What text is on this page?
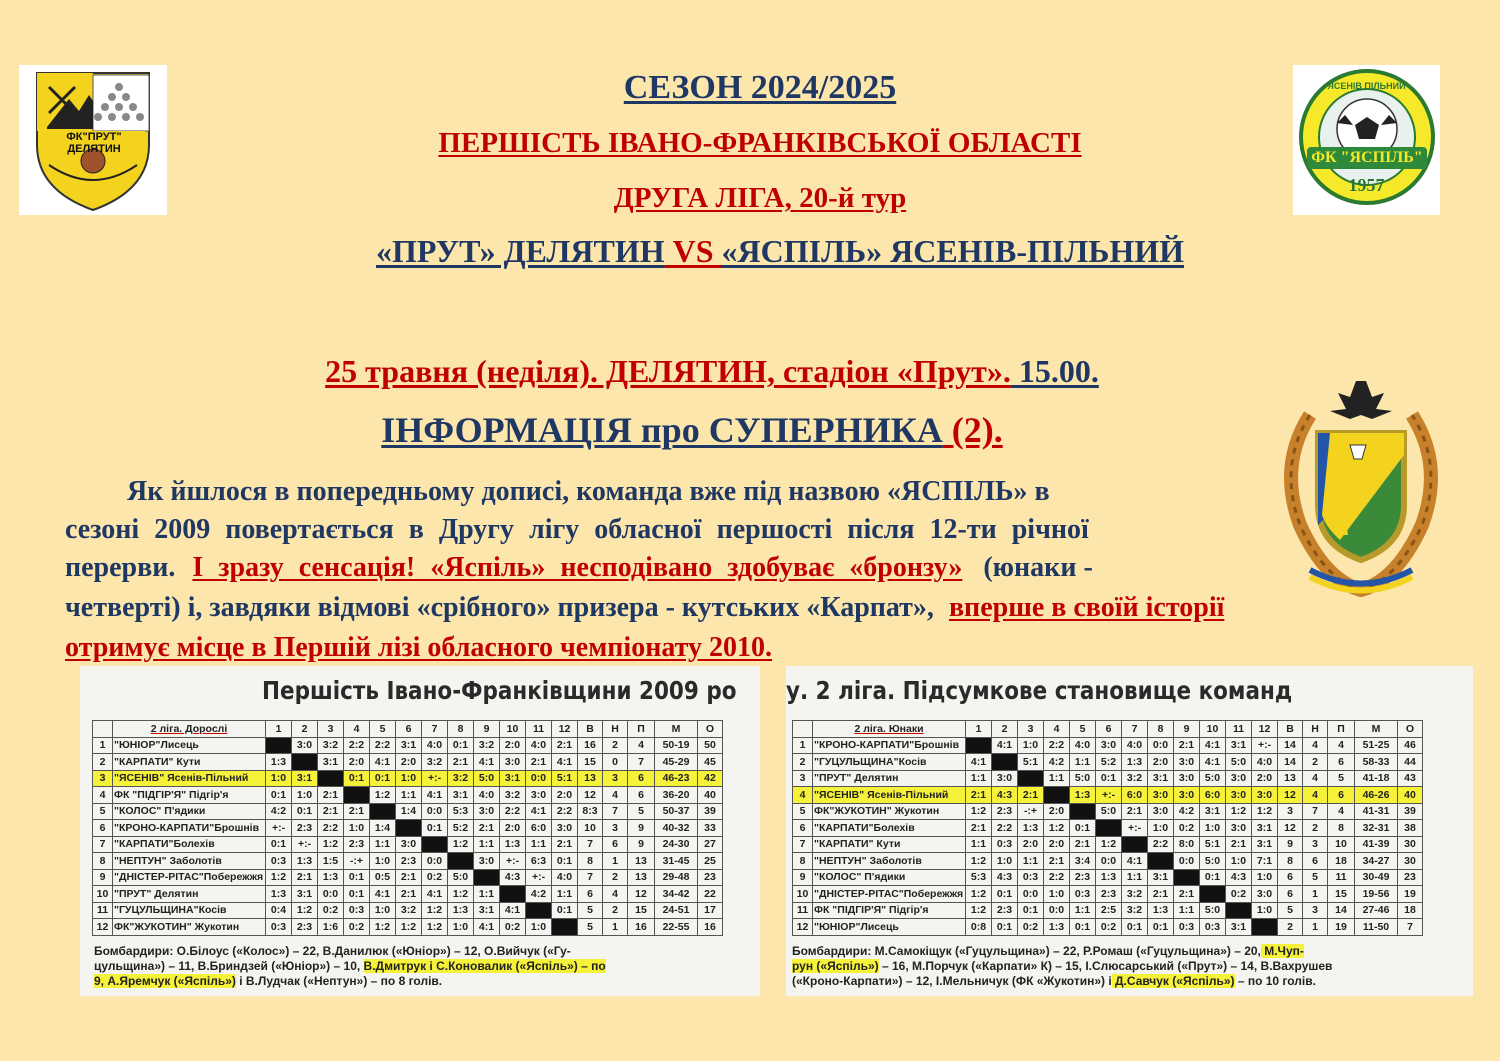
ФК"ПРУТ" ДЕЛЯТИН
ЯСЕНІВ ПІЛЬНИЙ
ФК "ЯСПІЛЬ"
1957
СЕЗОН 2024/2025
ПЕРШІСТЬ ІВАНО-ФРАНКІВСЬКОЇ ОБЛАСТІ
ДРУГА ЛІГА, 20-й тур
«ПРУТ» ДЕЛЯТИН VS «ЯСПІЛЬ» ЯСЕНІВ-ПІЛЬНИЙ
25 травня (неділя). ДЕЛЯТИН, стадіон «Прут». 15.00.
ІНФОРМАЦІЯ про СУПЕРНИКА (2).
Як йшлося в попередньому дописі, команда вже під назвою «ЯСПІЛЬ» в
сезоні 2009 повертається в Другу лігу обласної першості після 12-ти річної
перерви. І зразу сенсація! «Яспіль» несподівано здобуває «бронзу» (юнаки -
четверті) і, завдяки відмові «срібного» призера - кутських «Карпат», вперше в своїй історії
отримує місце в Першій лізі обласного чемпіонату 2010.
Першість Івано-Франківщини 2009 ро
	2 ліга. Дорослі	1	2	3	4	5	6	7	8	9	10	11	12	В	Н	П	М	О
1	"ЮНІОР"Лисець		3:0	3:2	2:2	2:2	3:1	4:0	0:1	3:2	2:0	4:0	2:1	16	2	4	50-19	50
2	"КАРПАТИ" Кути	1:3		3:1	2:0	4:1	2:0	3:2	2:1	4:1	3:0	2:1	4:1	15	0	7	45-29	45
3	"ЯСЕНІВ" Ясенів-Пільний	1:0	3:1		0:1	0:1	1:0	+:-	3:2	5:0	3:1	0:0	5:1	13	3	6	46-23	42
4	ФК "ПІДГІР'Я" Підгір'я	0:1	1:0	2:1		1:2	1:1	4:1	3:1	4:0	3:2	3:0	2:0	12	4	6	36-20	40
5	"КОЛОС" П'ядики	4:2	0:1	2:1	2:1		1:4	0:0	5:3	3:0	2:2	4:1	2:2	8:3	7	5	50-37	39
6	"КРОНО-КАРПАТИ"Брошнів	+:-	2:3	2:2	1:0	1:4		0:1	5:2	2:1	2:0	6:0	3:0	10	3	9	40-32	33
7	"КАРПАТИ"Болехів	0:1	+:-	1:2	2:3	1:1	3:0		1:2	1:1	1:3	1:1	2:1	7	6	9	24-30	27
8	"НЕПТУН" Заболотів	0:3	1:3	1:5	-:+	1:0	2:3	0:0		3:0	+:-	6:3	0:1	8	1	13	31-45	25
9	"ДНІСТЕР-РІТАС"Побережжя	1:2	2:1	1:3	0:1	0:5	2:1	0:2	5:0		4:3	+:-	4:0	7	2	13	29-48	23
10	"ПРУТ" Делятин	1:3	3:1	0:0	0:1	4:1	2:1	4:1	1:2	1:1		4:2	1:1	6	4	12	34-42	22
11	"ГУЦУЛЬЩИНА"Косів	0:4	1:2	0:2	0:3	1:0	3:2	1:2	1:3	3:1	4:1		0:1	5	2	15	24-51	17
12	ФК"ЖУКОТИН" Жукотин	0:3	2:3	1:6	0:2	1:2	1:2	1:2	1:0	4:1	0:2	1:0		5	1	16	22-55	16
Бомбардири: О.Білоус («Колос») – 22, В.Данилюк («Юніор») – 12, О.Вийчук («Гу-
цульщина») – 11, В.Бриндзей («Юніор») – 10, В.Дмитрук і С.Коновалик («Яспіль») – по
9, А.Яремчук («Яспіль») і В.Лудчак («Нептун») – по 8 голів.
у. 2 ліга. Підсумкове становище команд
	2 ліга. Юнаки	1	2	3	4	5	6	7	8	9	10	11	12	В	Н	П	М	О
1	"КРОНО-КАРПАТИ"Брошнів		4:1	1:0	2:2	4:0	3:0	4:0	0:0	2:1	4:1	3:1	+:-	14	4	4	51-25	46
2	"ГУЦУЛЬЩИНА"Косів	4:1		5:1	4:2	1:1	5:2	1:3	2:0	3:0	4:1	5:0	4:0	14	2	6	58-33	44
3	"ПРУТ" Делятин	1:1	3:0		1:1	5:0	0:1	3:2	3:1	3:0	5:0	3:0	2:0	13	4	5	41-18	43
4	"ЯСЕНІВ" Ясенів-Пільний	2:1	4:3	2:1		1:3	+:-	6:0	3:0	3:0	6:0	3:0	3:0	12	4	6	46-26	40
5	ФК"ЖУКОТИН" Жукотин	1:2	2:3	-:+	2:0		5:0	2:1	3:0	4:2	3:1	1:2	1:2	3	7	4	41-31	39
6	"КАРПАТИ"Болехів	2:1	2:2	1:3	1:2	0:1		+:-	1:0	0:2	1:0	3:0	3:1	12	2	8	32-31	38
7	"КАРПАТИ" Кути	1:1	0:3	2:0	2:0	2:1	1:2		2:2	8:0	5:1	2:1	3:1	9	3	10	41-39	30
8	"НЕПТУН" Заболотів	1:2	1:0	1:1	2:1	3:4	0:0	4:1		0:0	5:0	1:0	7:1	8	6	18	34-27	30
9	"КОЛОС" П'ядики	5:3	4:3	0:3	2:2	2:3	1:3	1:1	3:1		0:1	4:3	1:0	6	5	11	30-49	23
10	"ДНІСТЕР-РІТАС"Побережжя	1:2	0:1	0:0	1:0	0:3	2:3	3:2	2:1	2:1		0:2	3:0	6	1	15	19-56	19
11	ФК "ПІДГІР'Я" Підгір'я	1:2	2:3	0:1	0:0	1:1	2:5	3:2	1:3	1:1	5:0		1:0	5	3	14	27-46	18
12	"ЮНІОР"Лисець	0:8	0:1	0:2	1:3	0:1	0:2	0:1	0:1	0:3	0:3	3:1		2	1	19	11-50	7
Бомбардири: М.Самокіщук («Гуцульщина») – 22, Р.Ромаш («Гуцульщина») – 20, М.Чуп-
рун («Яспіль») – 16, М.Порчук («Карпати» К) – 15, І.Слюсарський («Прут») – 14, В.Вахрушев
(«Кроно-Карпати») – 12, І.Мельничук (ФК «Жукотин») і Д.Савчук («Яспіль») – по 10 голів.
